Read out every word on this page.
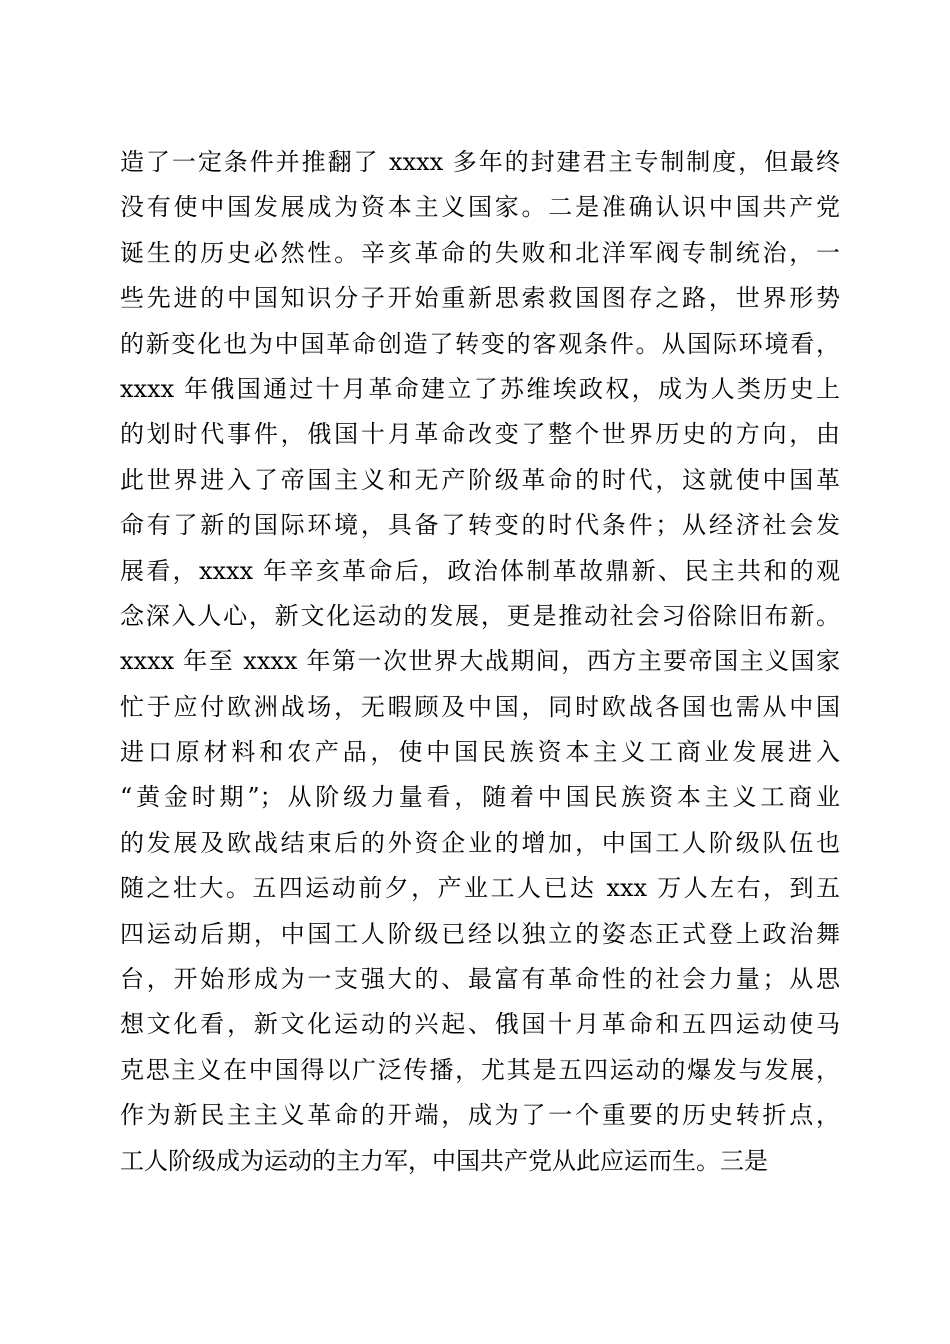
造了一定条件并推翻了 xxxx 多年的封建君主专制制度，但最终
没有使中国发展成为资本主义国家。二是准确认识中国共产党
诞生的历史必然性。辛亥革命的失败和北洋军阀专制统治，一
些先进的中国知识分子开始重新思索救国图存之路，世界形势
的新变化也为中国革命创造了转变的客观条件。从国际环境看，
xxxx 年俄国通过十月革命建立了苏维埃政权，成为人类历史上
的划时代事件，俄国十月革命改变了整个世界历史的方向，由
此世界进入了帝国主义和无产阶级革命的时代，这就使中国革
命有了新的国际环境，具备了转变的时代条件；从经济社会发
展看，xxxx 年辛亥革命后，政治体制革故鼎新、民主共和的观
念深入人心，新文化运动的发展，更是推动社会习俗除旧布新。
xxxx 年至 xxxx 年第一次世界大战期间，西方主要帝国主义国家
忙于应付欧洲战场，无暇顾及中国，同时欧战各国也需从中国
进口原材料和农产品，使中国民族资本主义工商业发展进入
“黄金时期”；从阶级力量看，随着中国民族资本主义工商业
的发展及欧战结束后的外资企业的增加，中国工人阶级队伍也
随之壮大。五四运动前夕，产业工人已达 xxx 万人左右，到五
四运动后期，中国工人阶级已经以独立的姿态正式登上政治舞
台，开始形成为一支强大的、最富有革命性的社会力量；从思
想文化看，新文化运动的兴起、俄国十月革命和五四运动使马
克思主义在中国得以广泛传播，尤其是五四运动的爆发与发展，
作为新民主主义革命的开端，成为了一个重要的历史转折点，
工人阶级成为运动的主力军，中国共产党从此应运而生。三是
